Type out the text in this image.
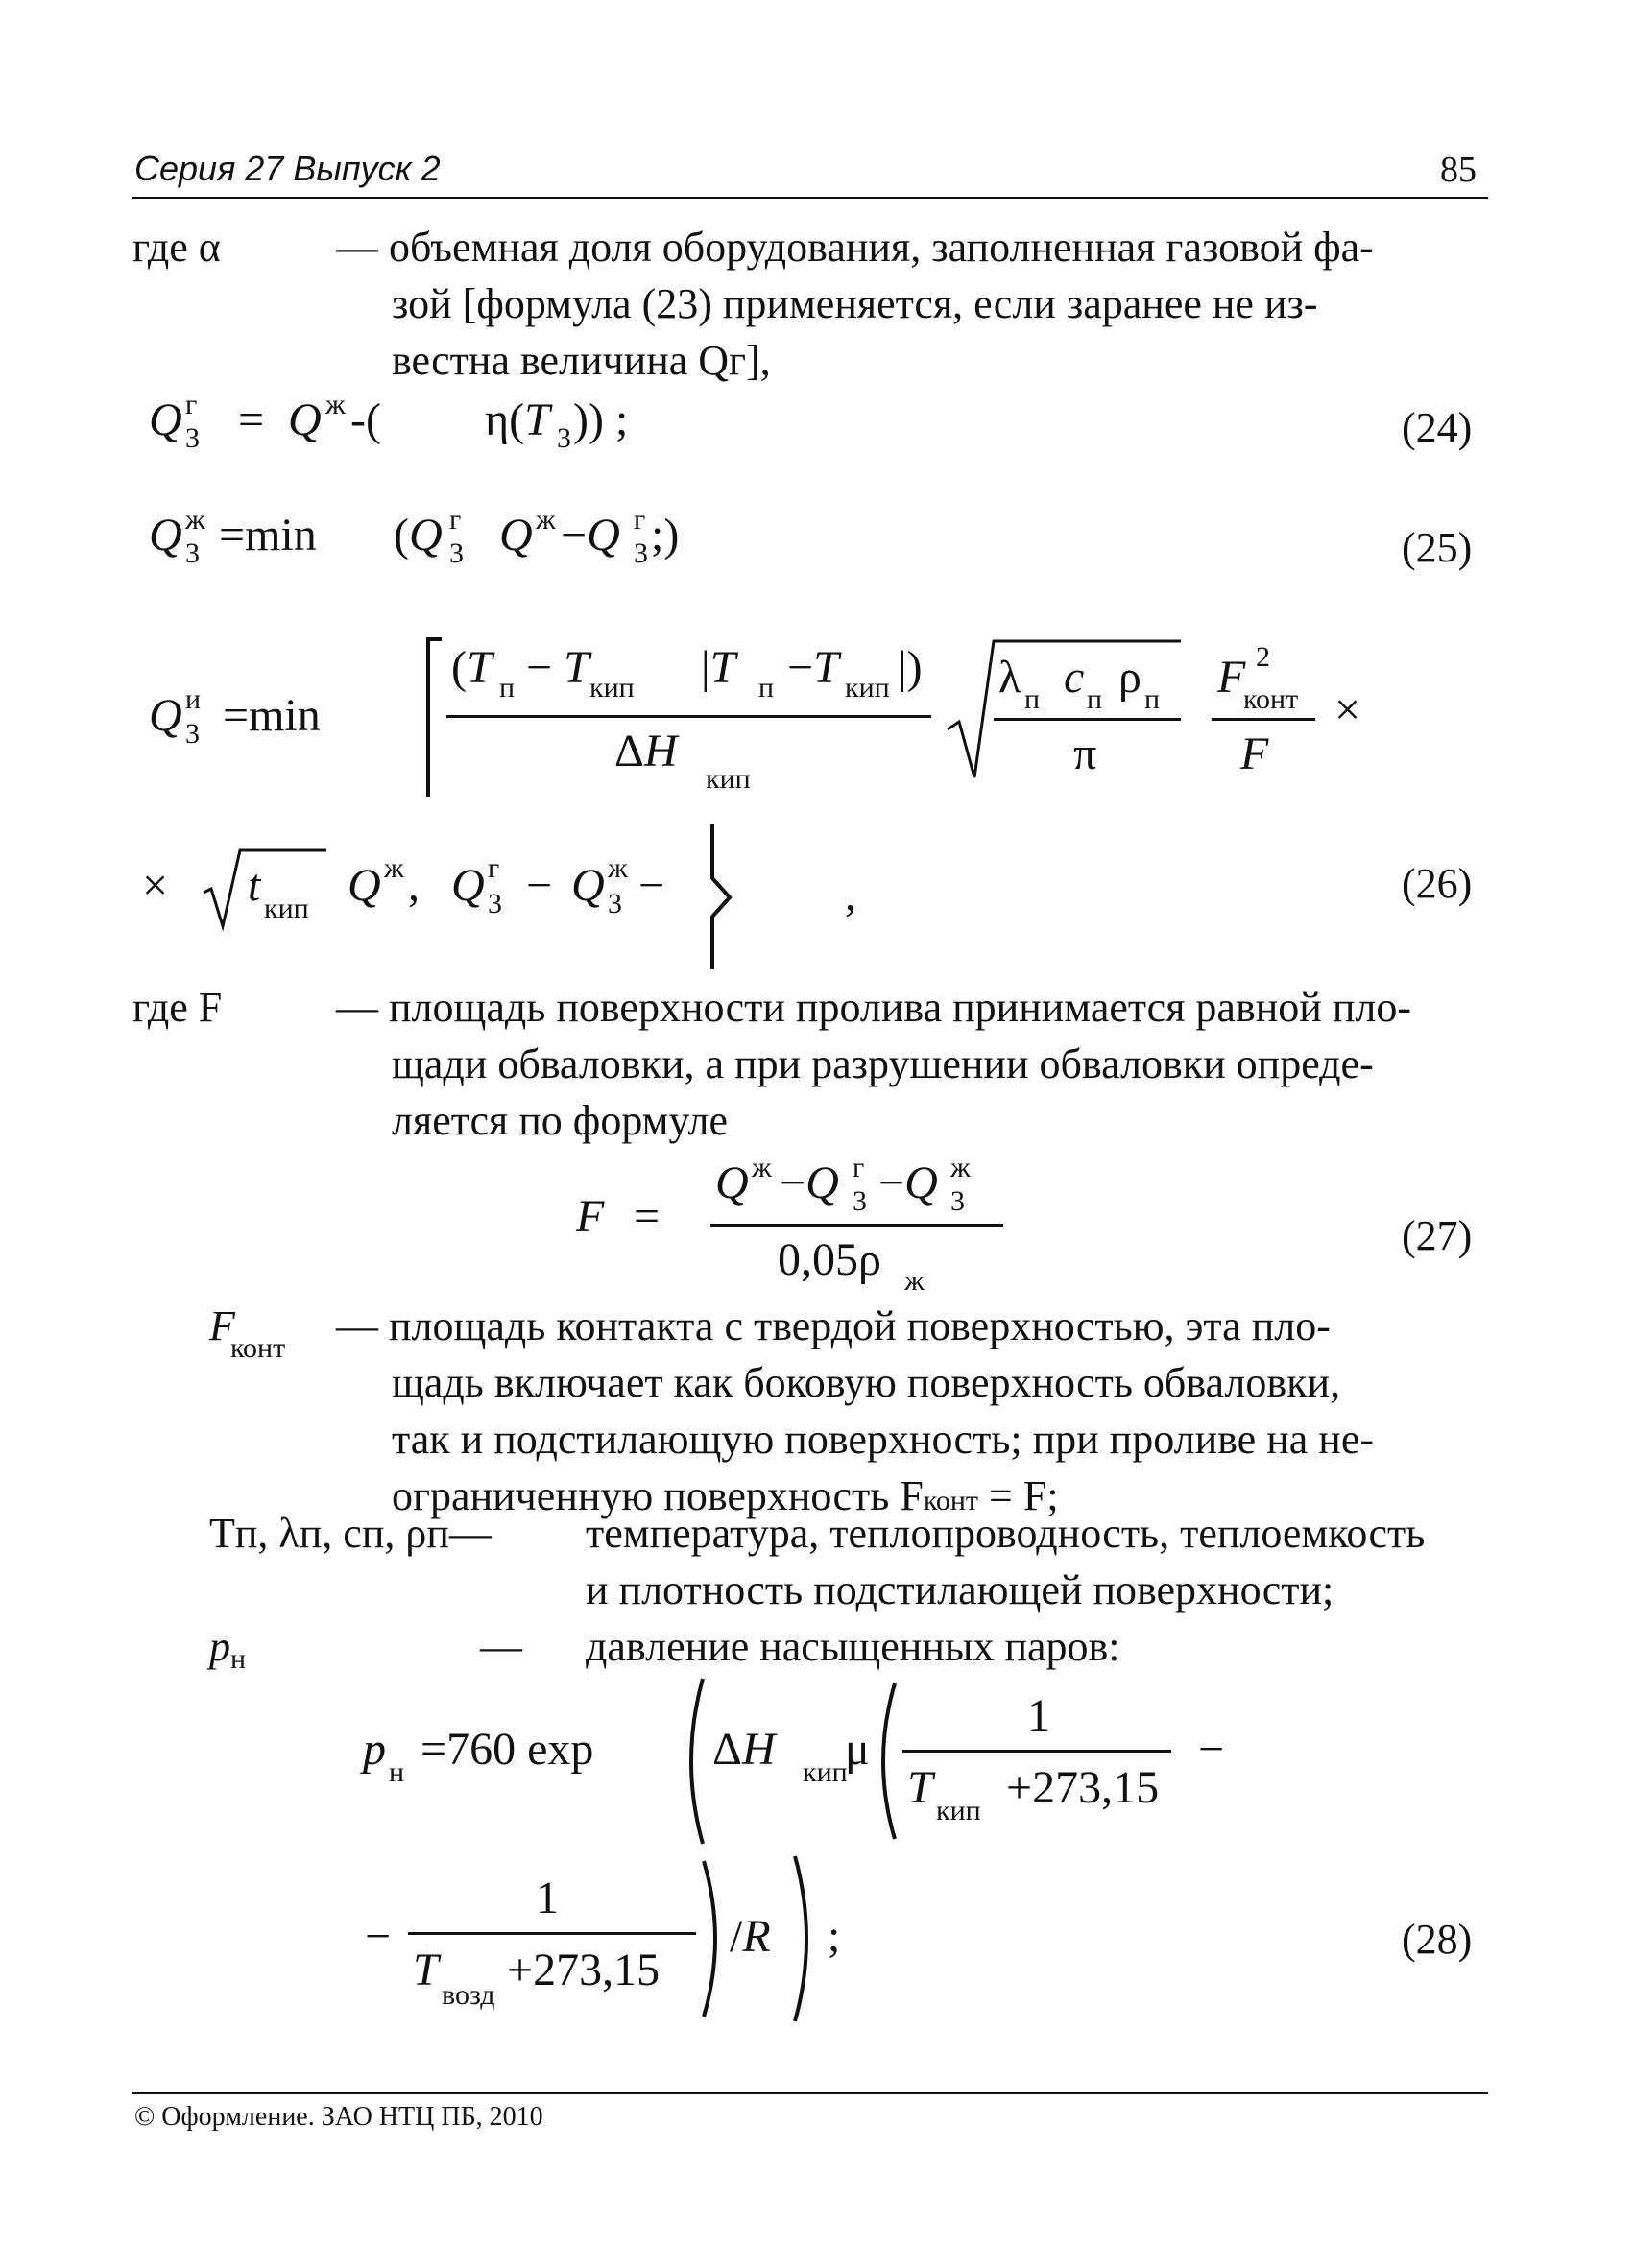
Серия 27 Выпуск 2	85
где α	— объемная доля оборудования, заполненная газовой фа-
зой [формула (23) применяется, если заранее не из-
вестна величина Qг],
Q г
3 = Q ж -( η(T 3 )) ;	(24)
Q ж
3 =min (Q г
3 Q ж −Q г
3 ;)	(25)
Q и
3 =min
(T п − T кип |T п −T кип |)
ΔH
кип
λ п c п ρ п
π
F 2
конт
F
×
× t кип Q ж , Q г
3 − Q ж
3 −	,	(26)
где F	— площадь поверхности пролива принимается равной пло-
щади обваловки, а при разрушении обваловки опреде-
ляется по формуле
F =
Q ж −Q г
3 −Q ж
3
0,05ρ ж
(27)
F
конт — площадь контакта с твердой поверхностью, эта пло-
щадь включает как боковую поверхность обваловки,
так и подстилающую поверхность; при проливе на не-
ограниченную поверхность Fконт = F;
Tп, λп, cп, ρп— температура, теплопроводность, теплоемкость
и плотность подстилающей поверхности;
p н	— давление насыщенных паров:
p н =760 exp	ΔH кип
μ
1
T кип +273,15
−
−
1
T возд +273,15
/R ;	(28)
© Оформление. ЗАО НТЦ ПБ, 2010
